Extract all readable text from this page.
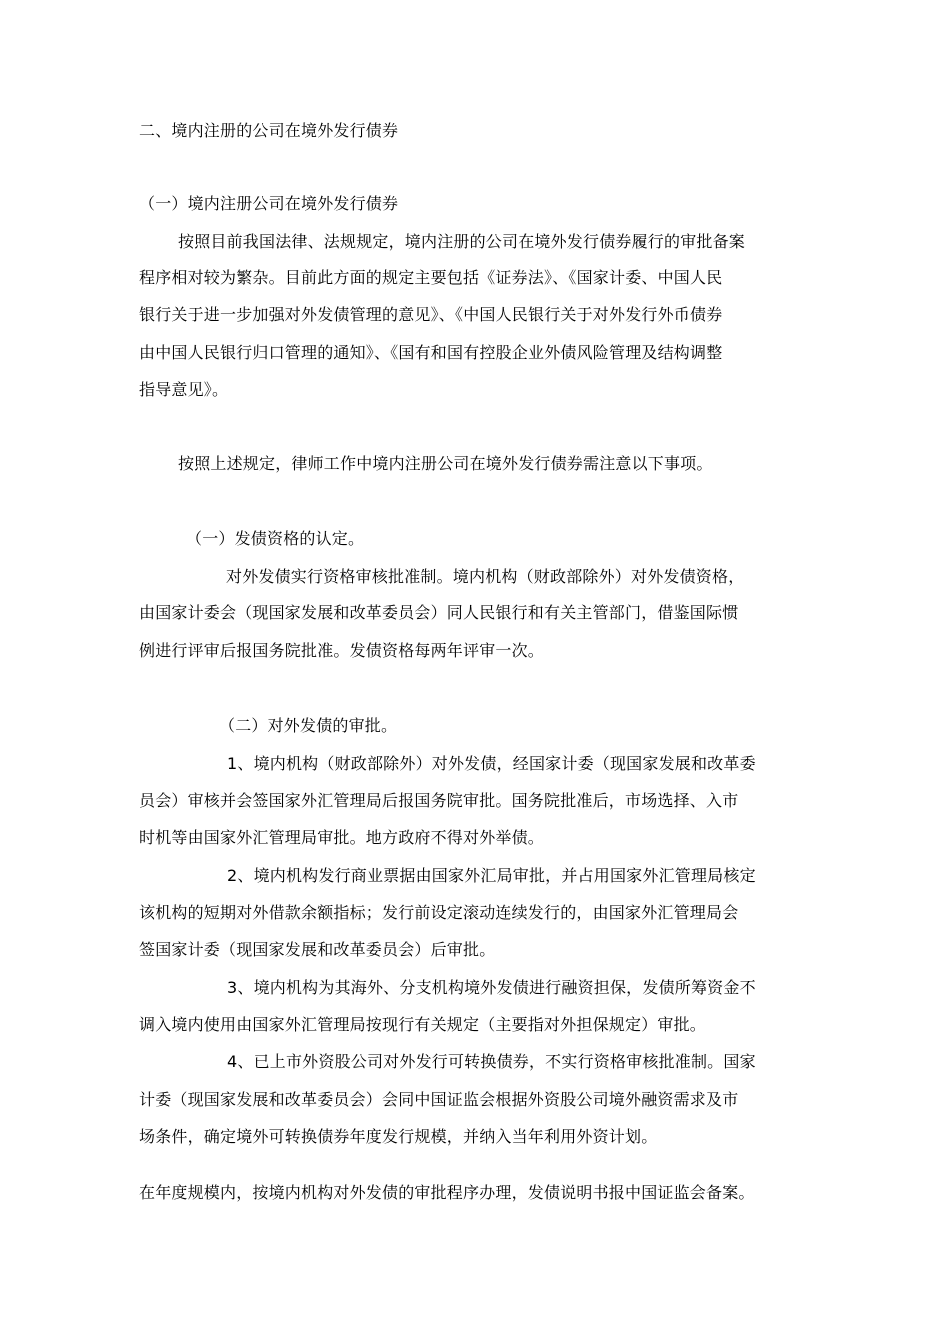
二、境内注册的公司在境外发行债券
（一）境内注册公司在境外发行债券
按照目前我国法律、法规规定，境内注册的公司在境外发行债券履行的审批备案
程序相对较为繁杂。目前此方面的规定主要包括《证券法》、《国家计委、中国人民
银行关于进一步加强对外发债管理的意见》、《中国人民银行关于对外发行外币债券
由中国人民银行归口管理的通知》、《国有和国有控股企业外债风险管理及结构调整
指导意见》。
按照上述规定，律师工作中境内注册公司在境外发行债券需注意以下事项。
（一）发债资格的认定。
对外发债实行资格审核批准制。境内机构（财政部除外）对外发债资格，
由国家计委会（现国家发展和改革委员会）同人民银行和有关主管部门，借鉴国际惯
例进行评审后报国务院批准。发债资格每两年评审一次。
（二）对外发债的审批。
1、境内机构（财政部除外）对外发债，经国家计委（现国家发展和改革委
员会）审核并会签国家外汇管理局后报国务院审批。国务院批准后，市场选择、入市
时机等由国家外汇管理局审批。地方政府不得对外举债。
2、境内机构发行商业票据由国家外汇局审批，并占用国家外汇管理局核定
该机构的短期对外借款余额指标；发行前设定滚动连续发行的，由国家外汇管理局会
签国家计委（现国家发展和改革委员会）后审批。
3、境内机构为其海外、分支机构境外发债进行融资担保，发债所筹资金不
调入境内使用由国家外汇管理局按现行有关规定（主要指对外担保规定）审批。
4、已上市外资股公司对外发行可转换债券，不实行资格审核批准制。国家
计委（现国家发展和改革委员会）会同中国证监会根据外资股公司境外融资需求及市
场条件，确定境外可转换债券年度发行规模，并纳入当年利用外资计划。
在年度规模内，按境内机构对外发债的审批程序办理，发债说明书报中国证监会备案。
